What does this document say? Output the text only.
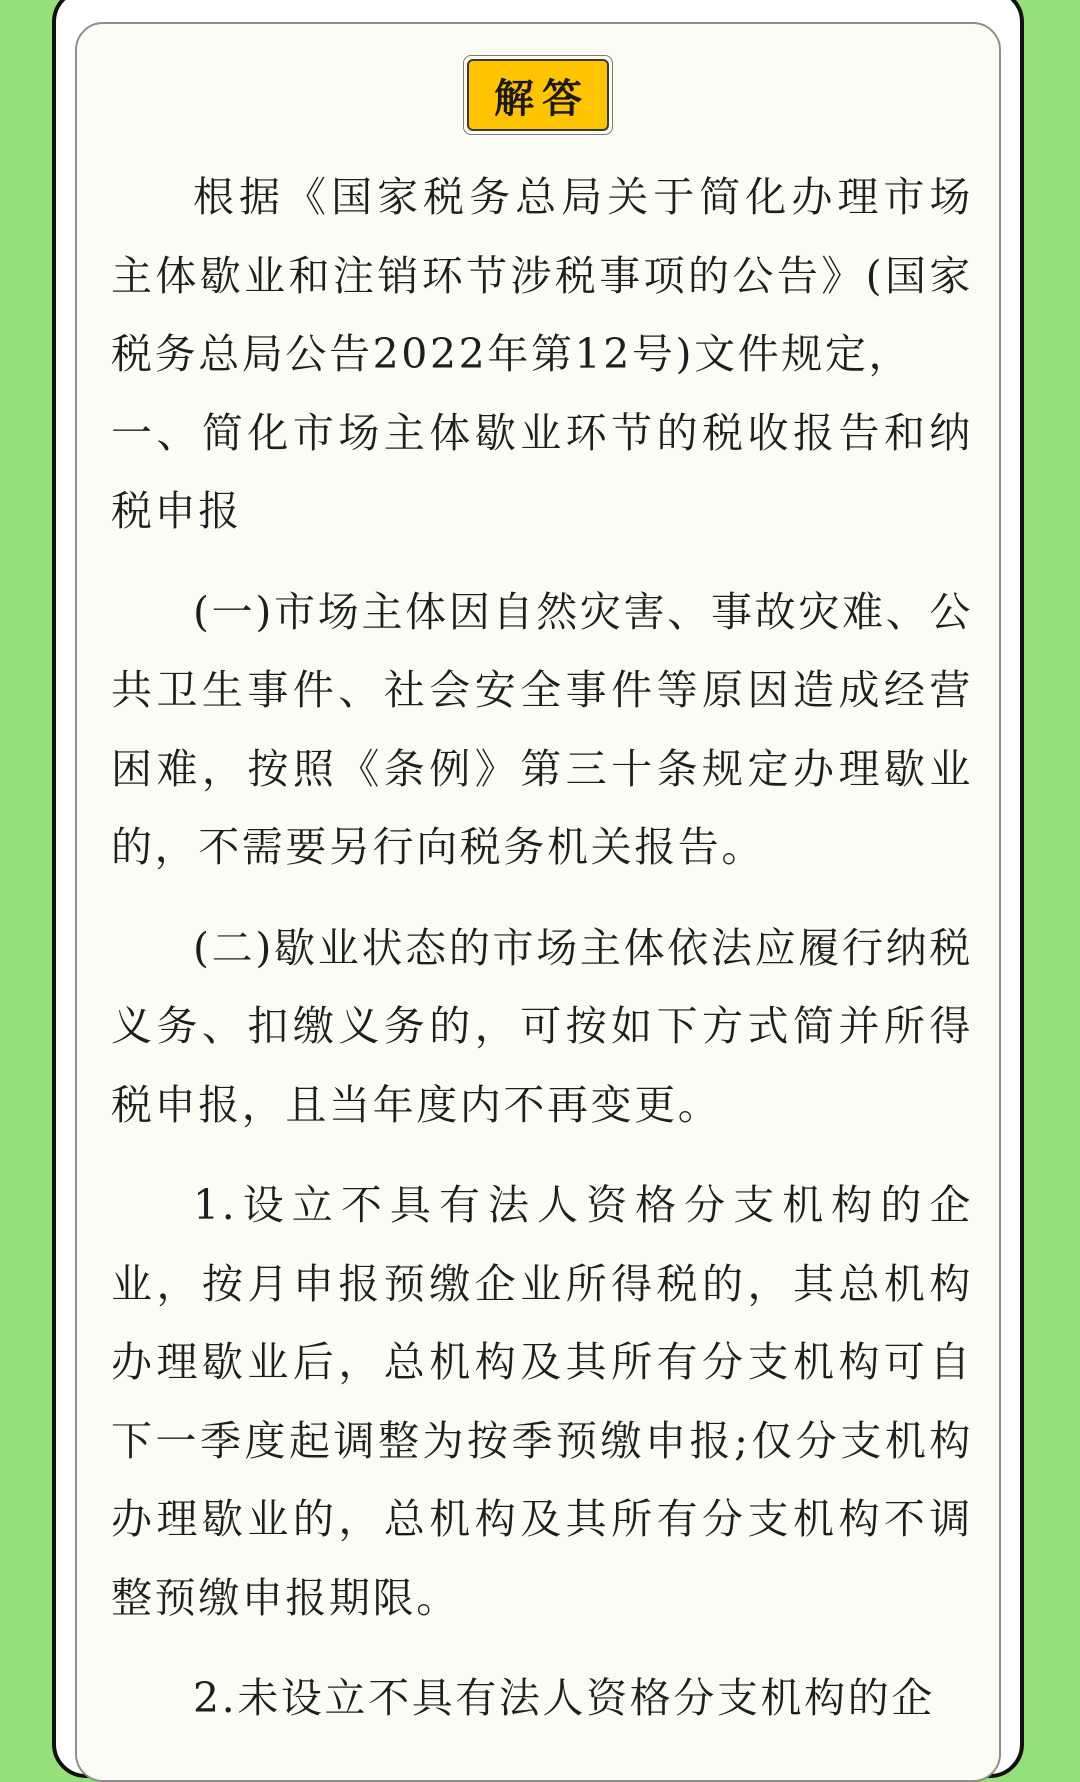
解答

根据《国家税务总局关于简化办理市场主体歇业和注销环节涉税事项的公告》(国家税务总局公告2022年第12号)文件规定，

一、简化市场主体歇业环节的税收报告和纳税申报

(一)市场主体因自然灾害、事故灾难、公共卫生事件、社会安全事件等原因造成经营困难，按照《条例》第三十条规定办理歇业的，不需要另行向税务机关报告。

(二)歇业状态的市场主体依法应履行纳税义务、扣缴义务的，可按如下方式简并所得税申报，且当年度内不再变更。

1.设立不具有法人资格分支机构的企业，按月申报预缴企业所得税的，其总机构办理歇业后，总机构及其所有分支机构可自下一季度起调整为按季预缴申报;仅分支机构办理歇业的，总机构及其所有分支机构不调整预缴申报期限。

2.未设立不具有法人资格分支机构的企
